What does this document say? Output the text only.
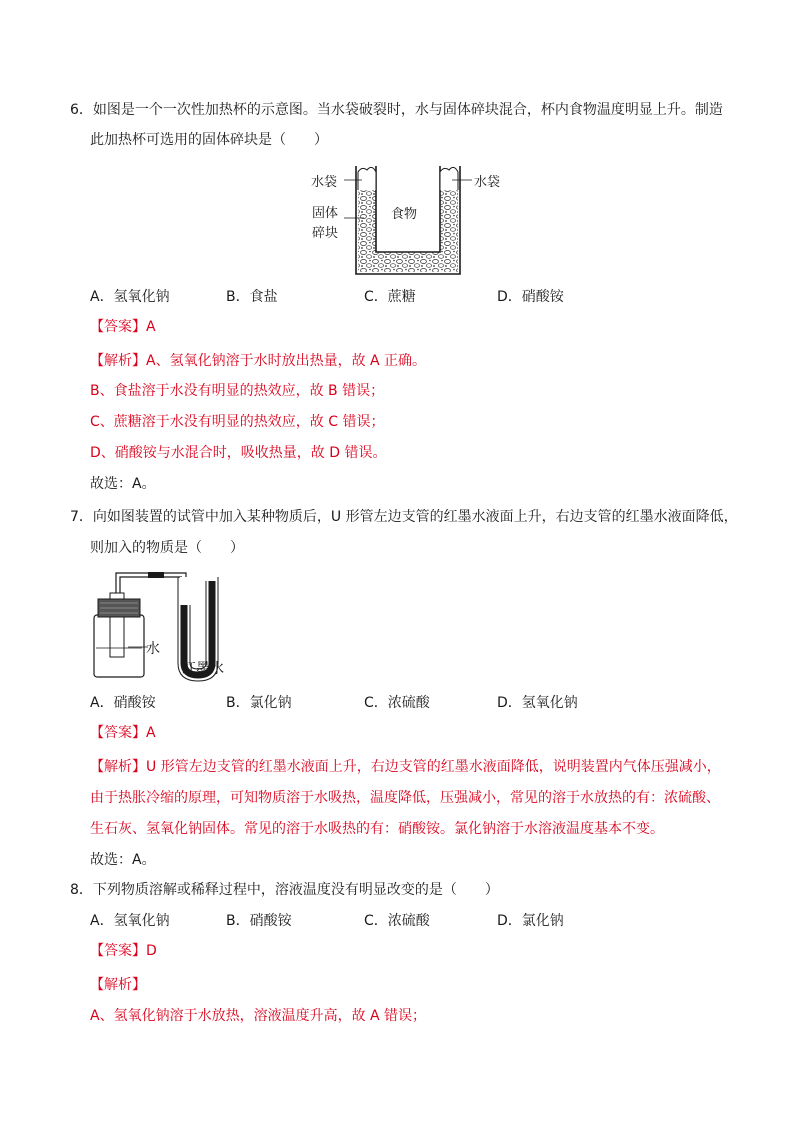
6．如图是一个一次性加热杯的示意图。当水袋破裂时，水与固体碎块混合，杯内食物温度明显上升。制造
此加热杯可选用的固体碎块是（　　）
水袋	水袋
固体
碎块
食物
A．氢氧化钠	B．食盐	C．蔗糖	D．硝酸铵
【答案】A
【解析】A、氢氧化钠溶于水时放出热量，故 A 正确。
B、食盐溶于水没有明显的热效应，故 B 错误；
C、蔗糖溶于水没有明显的热效应，故 C 错误；
D、硝酸铵与水混合时，吸收热量，故 D 错误。
故选：A。
7．向如图装置的试管中加入某种物质后，U 形管左边支管的红墨水液面上升，右边支管的红墨水液面降低，
则加入的物质是（　　）
水
红墨水
A．硝酸铵	B．氯化钠	C．浓硫酸	D．氢氧化钠
【答案】A
【解析】U 形管左边支管的红墨水液面上升，右边支管的红墨水液面降低，说明装置内气体压强减小，
由于热胀冷缩的原理，可知物质溶于水吸热，温度降低，压强减小，常见的溶于水放热的有：浓硫酸、
生石灰、氢氧化钠固体。常见的溶于水吸热的有：硝酸铵。氯化钠溶于水溶液温度基本不变。
故选：A。
8．下列物质溶解或稀释过程中，溶液温度没有明显改变的是（　　）
A．氢氧化钠	B．硝酸铵	C．浓硫酸	D．氯化钠
【答案】D
【解析】
A、氢氧化钠溶于水放热，溶液温度升高，故 A 错误；
